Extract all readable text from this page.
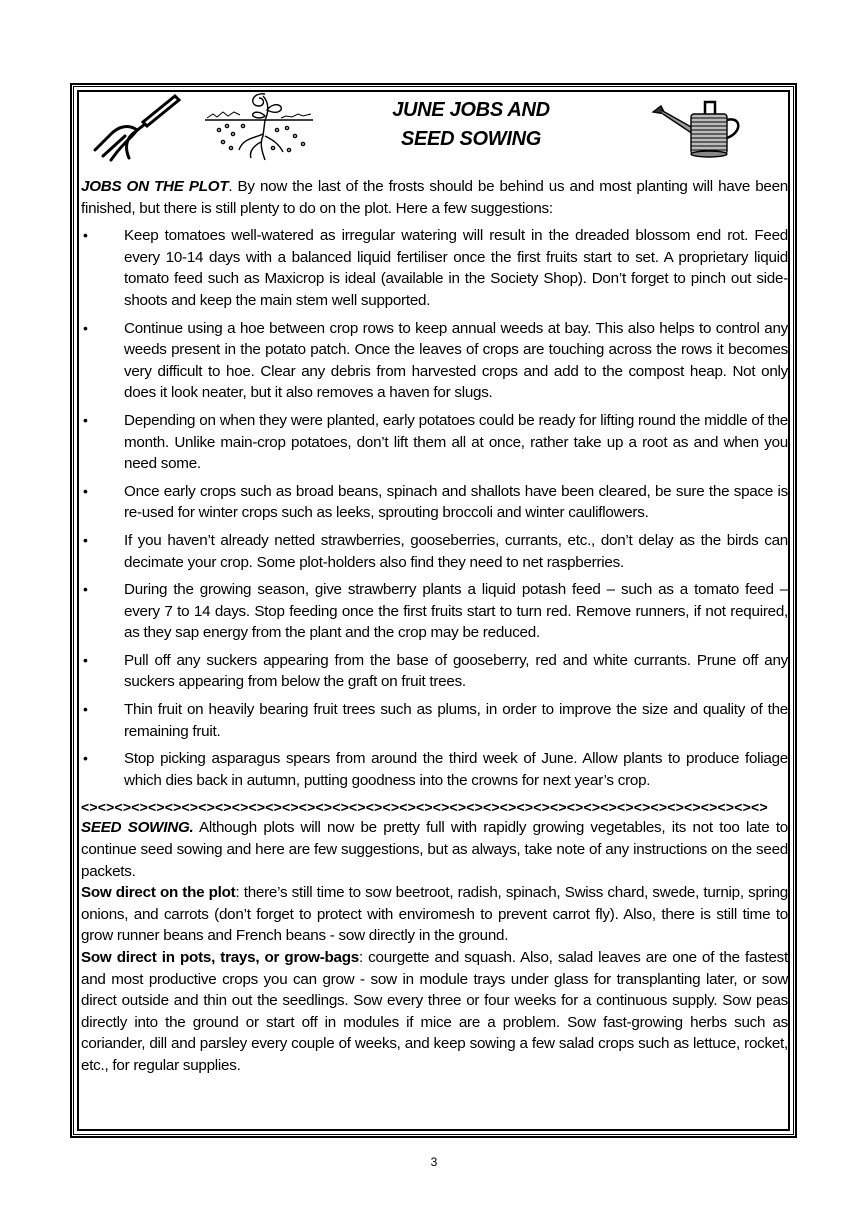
JUNE JOBS AND
SEED SOWING

JOBS ON THE PLOT. By now the last of the frosts should be behind us and most planting will have been finished, but there is still plenty to do on the plot. Here a few suggestions:

• Keep tomatoes well-watered as irregular watering will result in the dreaded blossom end rot. Feed every 10-14 days with a balanced liquid fertiliser once the first fruits start to set. A proprietary liquid tomato feed such as Maxicrop is ideal (available in the Society Shop). Don’t forget to pinch out side-shoots and keep the main stem well supported.
• Continue using a hoe between crop rows to keep annual weeds at bay. This also helps to control any weeds present in the potato patch. Once the leaves of crops are touching across the rows it becomes very difficult to hoe. Clear any debris from harvested crops and add to the compost heap. Not only does it look neater, but it also removes a haven for slugs.
• Depending on when they were planted, early potatoes could be ready for lifting round the middle of the month. Unlike main-crop potatoes, don’t lift them all at once, rather take up a root as and when you need some.
• Once early crops such as broad beans, spinach and shallots have been cleared, be sure the space is re-used for winter crops such as leeks, sprouting broccoli and winter cauliflowers.
• If you haven’t already netted strawberries, gooseberries, currants, etc., don’t delay as the birds can decimate your crop. Some plot-holders also find they need to net raspberries.
• During the growing season, give strawberry plants a liquid potash feed – such as a tomato feed – every 7 to 14 days. Stop feeding once the first fruits start to turn red. Remove runners, if not required, as they sap energy from the plant and the crop may be reduced.
• Pull off any suckers appearing from the base of gooseberry, red and white currants. Prune off any suckers appearing from below the graft on fruit trees.
• Thin fruit on heavily bearing fruit trees such as plums, in order to improve the size and quality of the remaining fruit.
• Stop picking asparagus spears from around the third week of June. Allow plants to produce foliage which dies back in autumn, putting goodness into the crowns for next year’s crop.
<><><><><><><><><><><><><><><><><><><><><><><><><><><><><><><><><><><><><><><><><>

SEED SOWING. Although plots will now be pretty full with rapidly growing vegetables, its not too late to continue seed sowing and here are few suggestions, but as always, take note of any instructions on the seed packets.

Sow direct on the plot: there’s still time to sow beetroot, radish, spinach, Swiss chard, swede, turnip, spring onions, and carrots (don’t forget to protect with enviromesh to prevent carrot fly). Also, there is still time to grow runner beans and French beans - sow directly in the ground.

Sow direct in pots, trays, or grow-bags: courgette and squash. Also, salad leaves are one of the fastest and most productive crops you can grow - sow in module trays under glass for transplanting later, or sow direct outside and thin out the seedlings. Sow every three or four weeks for a continuous supply. Sow peas directly into the ground or start off in modules if mice are a problem. Sow fast-growing herbs such as coriander, dill and parsley every couple of weeks, and keep sowing a few salad crops such as lettuce, rocket, etc., for regular supplies.

3
